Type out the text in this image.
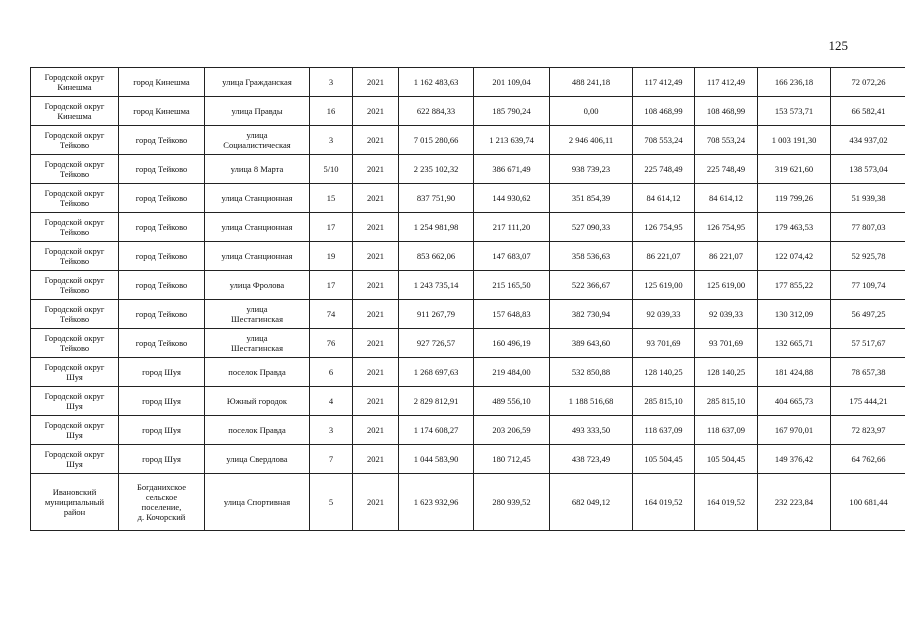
125
Городской округ
Кинешма	город Кинешма	улица Гражданская	3	2021	1 162 483,63	201 109,04	488 241,18	117 412,49	117 412,49	166 236,18	72 072,26
Городской округ
Кинешма	город Кинешма	улица Правды	16	2021	622 884,33	185 790,24	0,00	108 468,99	108 468,99	153 573,71	66 582,41
Городской округ
Тейково	город Тейково	улица
Социалистическая	3	2021	7 015 280,66	1 213 639,74	2 946 406,11	708 553,24	708 553,24	1 003 191,30	434 937,02
Городской округ
Тейково	город Тейково	улица 8 Марта	5/10	2021	2 235 102,32	386 671,49	938 739,23	225 748,49	225 748,49	319 621,60	138 573,04
Городской округ
Тейково	город Тейково	улица Станционная	15	2021	837 751,90	144 930,62	351 854,39	84 614,12	84 614,12	119 799,26	51 939,38
Городской округ
Тейково	город Тейково	улица Станционная	17	2021	1 254 981,98	217 111,20	527 090,33	126 754,95	126 754,95	179 463,53	77 807,03
Городской округ
Тейково	город Тейково	улица Станционная	19	2021	853 662,06	147 683,07	358 536,63	86 221,07	86 221,07	122 074,42	52 925,78
Городской округ
Тейково	город Тейково	улица Фролова	17	2021	1 243 735,14	215 165,50	522 366,67	125 619,00	125 619,00	177 855,22	77 109,74
Городской округ
Тейково	город Тейково	улица
Шестагинская	74	2021	911 267,79	157 648,83	382 730,94	92 039,33	92 039,33	130 312,09	56 497,25
Городской округ
Тейково	город Тейково	улица
Шестагинская	76	2021	927 726,57	160 496,19	389 643,60	93 701,69	93 701,69	132 665,71	57 517,67
Городской округ
Шуя	город Шуя	поселок Правда	6	2021	1 268 697,63	219 484,00	532 850,88	128 140,25	128 140,25	181 424,88	78 657,38
Городской округ
Шуя	город Шуя	Южный городок	4	2021	2 829 812,91	489 556,10	1 188 516,68	285 815,10	285 815,10	404 665,73	175 444,21
Городской округ
Шуя	город Шуя	поселок Правда	3	2021	1 174 608,27	203 206,59	493 333,50	118 637,09	118 637,09	167 970,01	72 823,97
Городской округ
Шуя	город Шуя	улица Свердлова	7	2021	1 044 583,90	180 712,45	438 723,49	105 504,45	105 504,45	149 376,42	64 762,66
Ивановский
муниципальный
район	Богданихское
сельское
поселение,
д. Кочорский	улица Спортивная	5	2021	1 623 932,96	280 939,52	682 049,12	164 019,52	164 019,52	232 223,84	100 681,44
